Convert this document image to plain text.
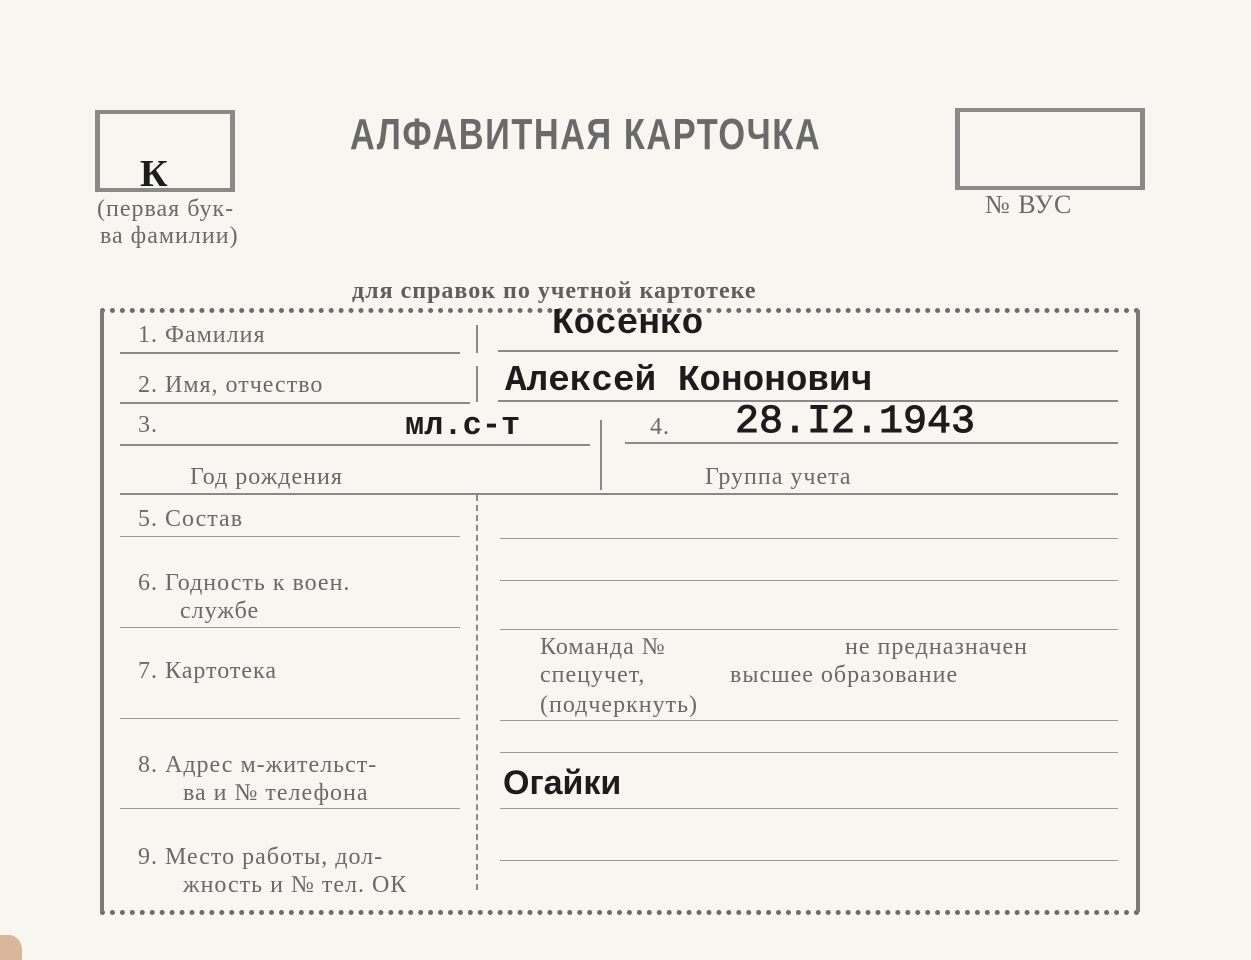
К
(первая бук-
ва фамилии)
АЛФАВИТНАЯ КАРТОЧКА
№ ВУС
для справок по учетной картотеке
1. Фамилия	Косенко
2. Имя, отчество	Алексей Кононович
3.	мл.с-т	4. 28.I2.1943
Год рождения	Группа учета
5. Состав
6. Годность к воен.
службе
7. Картотека
Команда №	не предназначен
спецучет,	высшее образование
(подчеркнуть)
8. Адрес м-жительст-
ва и № телефона	Огайки
9. Место работы, дол-
жность и № тел. ОК
